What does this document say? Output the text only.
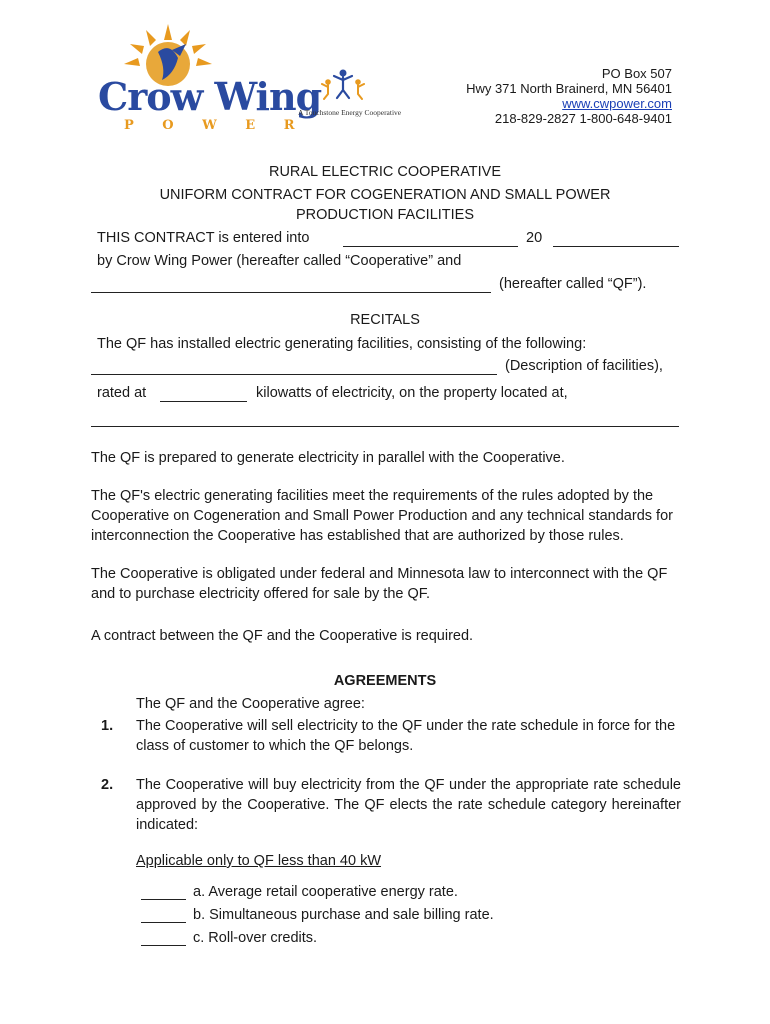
Crow Wing
P O W E R
A Touchstone Energy Cooperative
PO Box 507
Hwy 371 North Brainerd, MN 56401
www.cwpower.com
218-829-2827 1-800-648-9401
RURAL ELECTRIC COOPERATIVE
UNIFORM CONTRACT FOR COGENERATION AND SMALL POWER
PRODUCTION FACILITIES
THIS CONTRACT is entered into	20
by Crow Wing Power (hereafter called “Cooperative” and
(hereafter called “QF”).
RECITALS
The QF has installed electric generating facilities, consisting of the following:
(Description of facilities),
rated at	kilowatts of electricity, on the property located at,
The QF is prepared to generate electricity in parallel with the Cooperative.
The QF's electric generating facilities meet the requirements of the rules adopted by the Cooperative on Cogeneration and Small Power Production and any technical standards for interconnection the Cooperative has established that are authorized by those rules.
The Cooperative is obligated under federal and Minnesota law to interconnect with the QF and to purchase electricity offered for sale by the QF.
A contract between the QF and the Cooperative is required.
AGREEMENTS
The QF and the Cooperative agree:
1. The Cooperative will sell electricity to the QF under the rate schedule in force for the class of customer to which the QF belongs.
2. The Cooperative will buy electricity from the QF under the appropriate rate schedule approved by the Cooperative. The QF elects the rate schedule category hereinafter indicated:
Applicable only to QF less than 40 kW
a. Average retail cooperative energy rate.
b. Simultaneous purchase and sale billing rate.
c. Roll-over credits.
